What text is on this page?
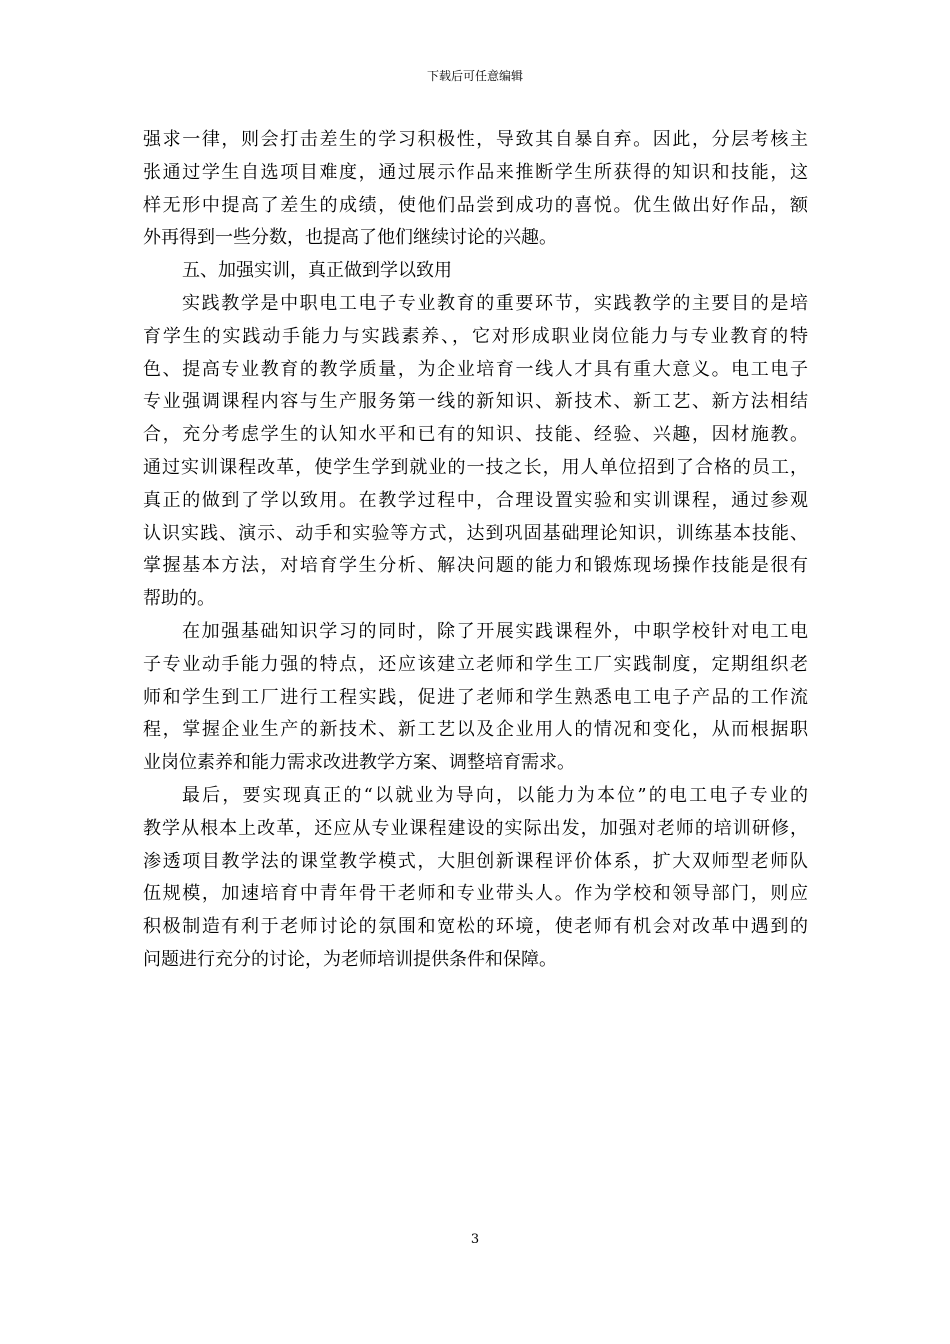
下载后可任意编辑
强求一律，则会打击差生的学习积极性，导致其自暴自弃。因此，分层考核主
张通过学生自选项目难度，通过展示作品来推断学生所获得的知识和技能，这
样无形中提高了差生的成绩，使他们品尝到成功的喜悦。优生做出好作品，额
外再得到一些分数，也提高了他们继续讨论的兴趣。
五、加强实训，真正做到学以致用
实践教学是中职电工电子专业教育的重要环节，实践教学的主要目的是培
育学生的实践动手能力与实践素养、，它对形成职业岗位能力与专业教育的特
色、提高专业教育的教学质量，为企业培育一线人才具有重大意义。电工电子
专业强调课程内容与生产服务第一线的新知识、新技术、新工艺、新方法相结
合，充分考虑学生的认知水平和已有的知识、技能、经验、兴趣，因材施教。
通过实训课程改革，使学生学到就业的一技之长，用人单位招到了合格的员工，
真正的做到了学以致用。在教学过程中，合理设置实验和实训课程，通过参观
认识实践、演示、动手和实验等方式，达到巩固基础理论知识，训练基本技能、
掌握基本方法，对培育学生分析、解决问题的能力和锻炼现场操作技能是很有
帮助的。
在加强基础知识学习的同时，除了开展实践课程外，中职学校针对电工电
子专业动手能力强的特点，还应该建立老师和学生工厂实践制度，定期组织老
师和学生到工厂进行工程实践，促进了老师和学生熟悉电工电子产品的工作流
程，掌握企业生产的新技术、新工艺以及企业用人的情况和变化，从而根据职
业岗位素养和能力需求改进教学方案、调整培育需求。
最后，要实现真正的“以就业为导向，以能力为本位”的电工电子专业的
教学从根本上改革，还应从专业课程建设的实际出发，加强对老师的培训研修，
渗透项目教学法的课堂教学模式，大胆创新课程评价体系，扩大双师型老师队
伍规模，加速培育中青年骨干老师和专业带头人。作为学校和领导部门，则应
积极制造有利于老师讨论的氛围和宽松的环境，使老师有机会对改革中遇到的
问题进行充分的讨论，为老师培训提供条件和保障。
3
